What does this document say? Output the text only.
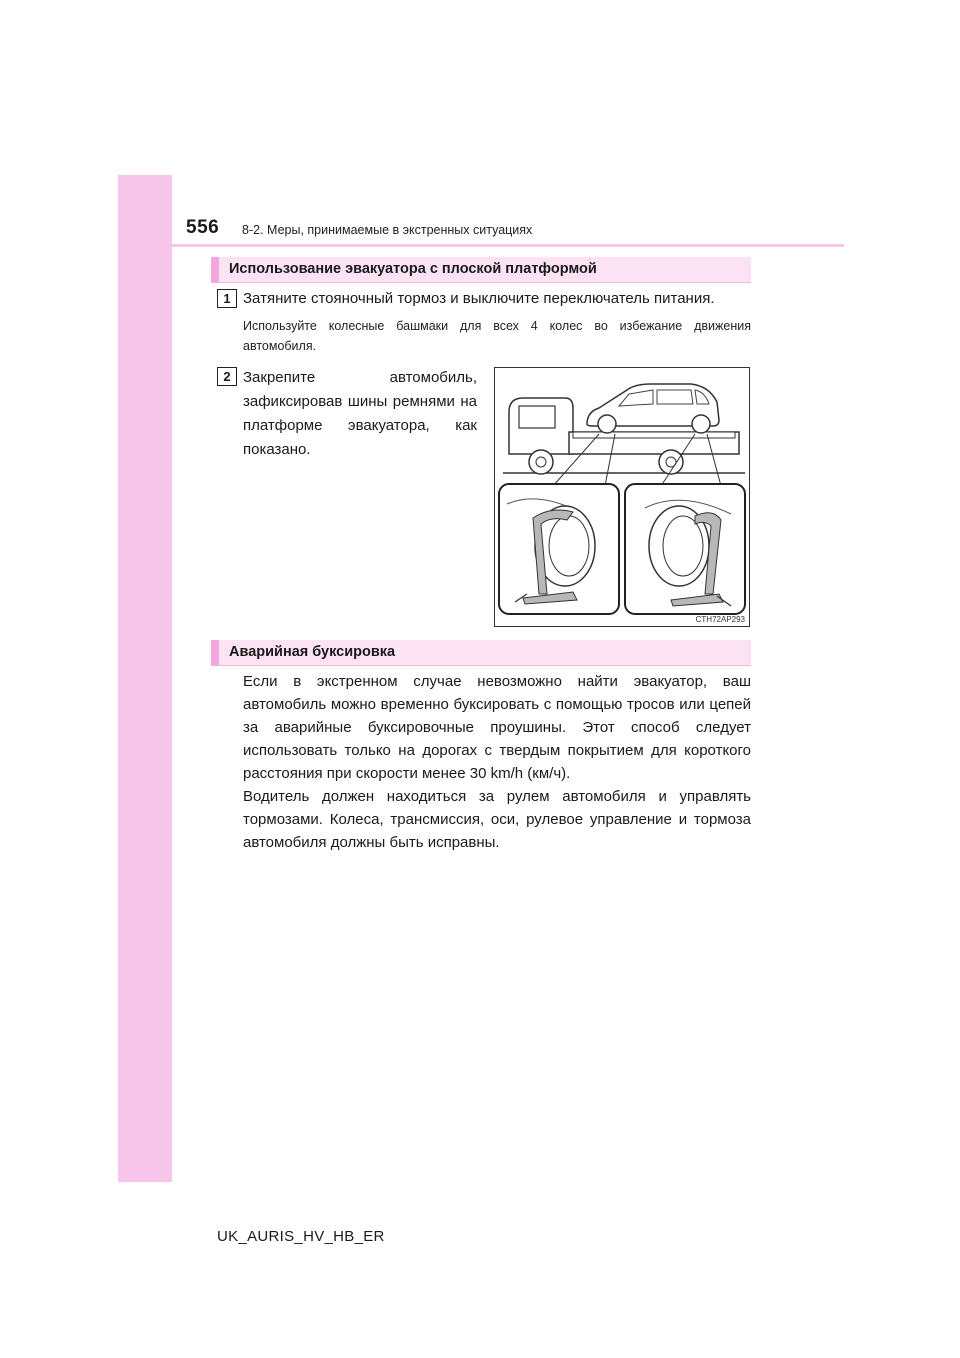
556 8-2. Меры, принимаемые в экстренных ситуациях
Использование эвакуатора с плоской платформой
1 Затяните стояночный тормоз и выключите переключатель питания.
Используйте колесные башмаки для всех 4 колес во избежание движения автомобиля.
2 Закрепите автомобиль, зафиксировав шины ремнями на платформе эвакуатора, как показано.
CTH72AP293
Аварийная буксировка
Если в экстренном случае невозможно найти эвакуатор, ваш автомобиль можно временно буксировать с помощью тросов или цепей за аварийные буксировочные проушины. Этот способ следует использовать только на дорогах с твердым покрытием для короткого расстояния при скорости менее 30 km/h (км/ч).
Водитель должен находиться за рулем автомобиля и управлять тормозами. Колеса, трансмиссия, оси, рулевое управление и тормоза автомобиля должны быть исправны.
UK_AURIS_HV_HB_ER
